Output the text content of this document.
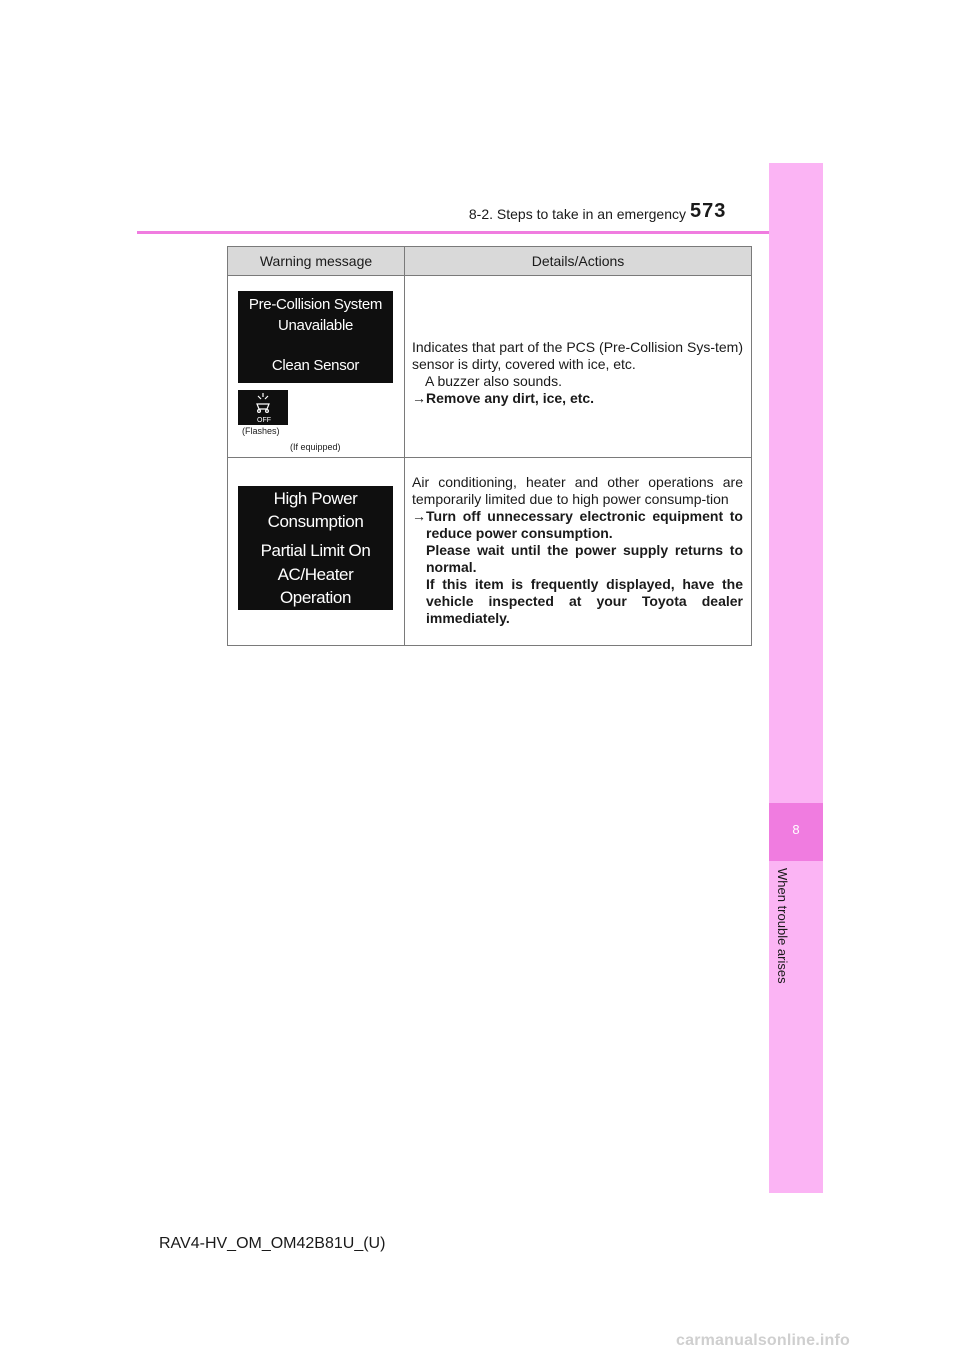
8-2. Steps to take in an emergency 573
8
When trouble arises
Warning message	Details/Actions
Pre-Collision System
Unavailable
Clean Sensor
OFF
(Flashes)
(If equipped)

Indicates that part of the PCS (Pre-Collision Sys-tem) sensor is dirty, covered with ice, etc.

A buzzer also sounds.

→ Remove any dirt, ice, etc.
High Power
Consumption
Partial Limit On
AC/Heater
Operation

Air conditioning, heater and other operations are temporarily limited due to high power consump-tion

→ Turn off unnecessary electronic equipment to reduce power consumption.
Please wait until the power supply returns to normal.
If this item is frequently displayed, have the vehicle inspected at your Toyota dealer immediately.
RAV4-HV_OM_OM42B81U_(U)
carmanualsonline.info
